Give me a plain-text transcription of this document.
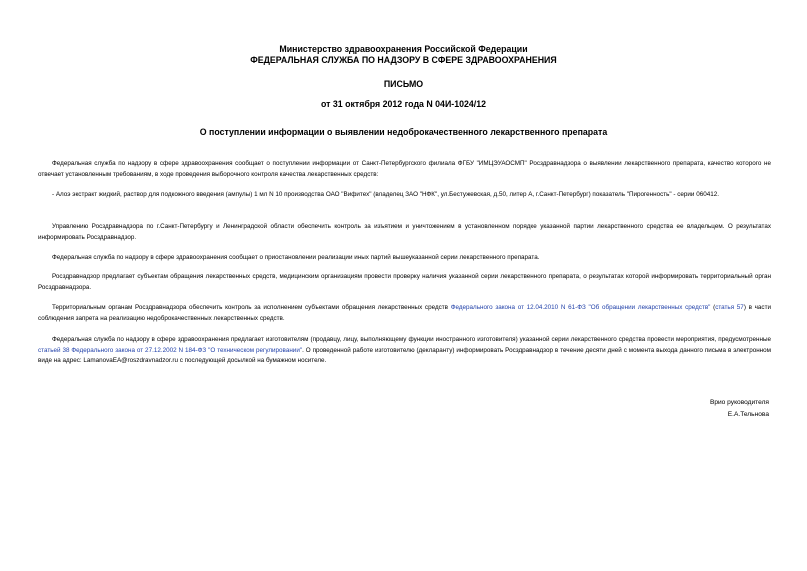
Министерство здравоохранения Российской Федерации
ФЕДЕРАЛЬНАЯ СЛУЖБА ПО НАДЗОРУ В СФЕРЕ ЗДРАВООХРАНЕНИЯ
ПИСЬМО
от 31 октября 2012 года N 04И-1024/12
О поступлении информации о выявлении недоброкачественного лекарственного препарата

Федеральная служба по надзору в сфере здравоохранения сообщает о поступлении информации от Санкт-Петербургского филиала ФГБУ "ИМЦЭУАОСМП" Росздравнадзора о выявлении лекарственного препарата, качество которого не отвечает установленным требованиям, в ходе проведения выборочного контроля качества лекарственных средств:

- Алоэ экстракт жидкий, раствор для подкожного введения (ампулы) 1 мл N 10 производства ОАО "Вифитех" (владелец ЗАО "НФК", ул.Бестужевская, д.50, литер А, г.Санкт-Петербург) показатель "Пирогенность" - серии 060412.

Управлению Росздравнадзора по г.Санкт-Петербургу и Ленинградской области обеспечить контроль за изъятием и уничтожением в установленном порядке указанной партии лекарственного средства ее владельцем. О результатах информировать Росздравнадзор.

Федеральная служба по надзору в сфере здравоохранения сообщает о приостановлении реализации иных партий вышеуказанной серии лекарственного препарата.

Росздравнадзор предлагает субъектам обращения лекарственных средств, медицинским организациям провести проверку наличия указанной серии лекарственного препарата, о результатах которой информировать территориальный орган Росздравнадзора.

Территориальным органам Росздравнадзора обеспечить контроль за исполнением субъектами обращения лекарственных средств Федерального закона от 12.04.2010 N 61-ФЗ "Об обращении лекарственных средств" (статья 57) в части соблюдения запрета на реализацию недоброкачественных лекарственных средств.

Федеральная служба по надзору в сфере здравоохранения предлагает изготовителям (продавцу, лицу, выполняющему функции иностранного изготовителя) указанной серии лекарственного средства провести мероприятия, предусмотренные статьей 38 Федерального закона от 27.12.2002 N 184-ФЗ "О техническом регулировании". О проведенной работе изготовителю (декларанту) информировать Росздравнадзор в течение десяти дней с момента выхода данного письма в электронном виде на адрес: LamanovaEA@roszdravnadzor.ru с последующей досылкой на бумажном носителе.

Врио руководителя
Е.А.Тельнова
